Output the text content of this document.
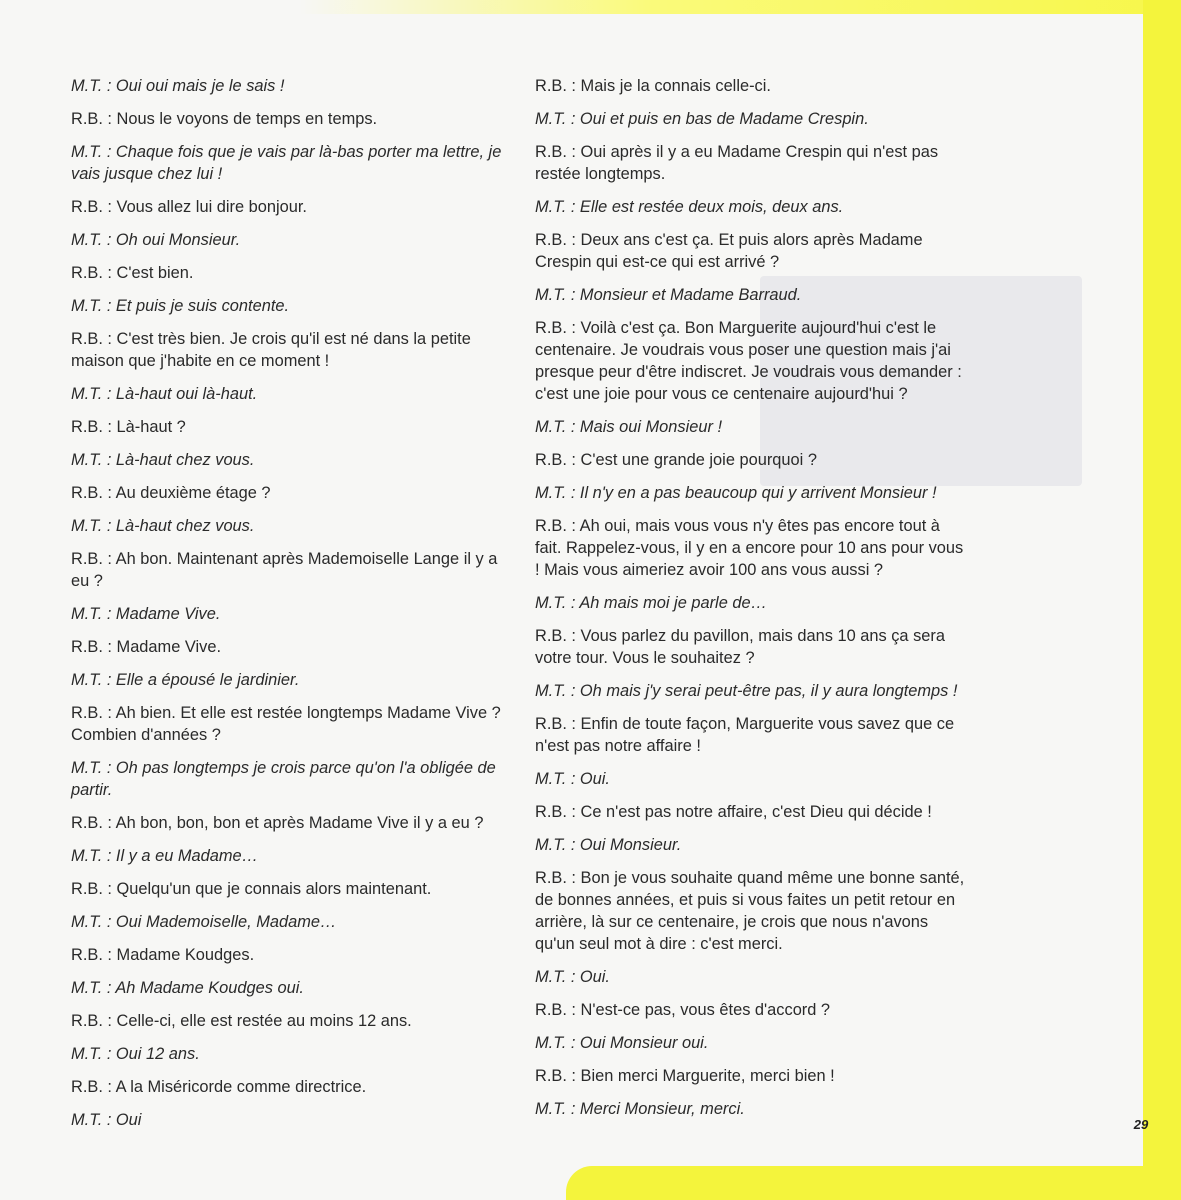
M.T. : Oui oui mais je le sais !

R.B. : Nous le voyons de temps en temps.

M.T. : Chaque fois que je vais par là-bas porter ma lettre, je vais jusque chez lui !

R.B. : Vous allez lui dire bonjour.

M.T. : Oh oui Monsieur.

R.B. : C'est bien.

M.T. : Et puis je suis contente.

R.B. : C'est très bien. Je crois qu'il est né dans la petite maison que j'habite en ce moment !

M.T. : Là-haut oui là-haut.

R.B. : Là-haut ?

M.T. : Là-haut chez vous.

R.B. : Au deuxième étage ?

M.T. : Là-haut chez vous.

R.B. : Ah bon. Maintenant après Mademoiselle Lange il y a eu ?

M.T. : Madame Vive.

R.B. : Madame Vive.

M.T. : Elle a épousé le jardinier.

R.B. : Ah bien. Et elle est restée longtemps Madame Vive ? Combien d'années ?

M.T. : Oh pas longtemps je crois parce qu'on l'a obligée de partir.

R.B. : Ah bon, bon, bon et après Madame Vive il y a eu ?

M.T. : Il y a eu Madame…

R.B. : Quelqu'un que je connais alors maintenant.

M.T. : Oui Mademoiselle, Madame…

R.B. : Madame Koudges.

M.T. : Ah Madame Koudges oui.

R.B. : Celle-ci, elle est restée au moins 12 ans.

M.T. : Oui 12 ans.

R.B. : A la Miséricorde comme directrice.

M.T. : Oui

R.B. : Mais je la connais celle-ci.

M.T. : Oui et puis en bas de Madame Crespin.

R.B. : Oui après il y a eu Madame Crespin qui n'est pas restée longtemps.

M.T. : Elle est restée deux mois, deux ans.

R.B. : Deux ans c'est ça. Et puis alors après Madame Crespin qui est-ce qui est arrivé ?

M.T. : Monsieur et Madame Barraud.

R.B. : Voilà c'est ça. Bon Marguerite aujourd'hui c'est le centenaire. Je voudrais vous poser une question mais j'ai presque peur d'être indiscret. Je voudrais vous demander : c'est une joie pour vous ce centenaire aujourd'hui ?

M.T. : Mais oui Monsieur !

R.B. : C'est une grande joie pourquoi ?

M.T. : Il n'y en a pas beaucoup qui y arrivent Monsieur !

R.B. : Ah oui, mais vous vous n'y êtes pas encore tout à fait. Rappelez-vous, il y en a encore pour 10 ans pour vous ! Mais vous aimeriez avoir 100 ans vous aussi ?

M.T. : Ah mais moi je parle de…

R.B. : Vous parlez du pavillon, mais dans 10 ans ça sera votre tour. Vous le souhaitez ?

M.T. : Oh mais j'y serai peut-être pas, il y aura longtemps !

R.B. : Enfin de toute façon, Marguerite vous savez que ce n'est pas notre affaire !

M.T. : Oui.

R.B. : Ce n'est pas notre affaire, c'est Dieu qui décide !

M.T. : Oui Monsieur.

R.B. : Bon je vous souhaite quand même une bonne santé, de bonnes années, et puis si vous faites un petit retour en arrière, là sur ce centenaire, je crois que nous n'avons qu'un seul mot à dire : c'est merci.

M.T. : Oui.

R.B. : N'est-ce pas, vous êtes d'accord ?

M.T. : Oui Monsieur oui.

R.B. : Bien merci Marguerite, merci bien !

M.T. : Merci Monsieur, merci.

29
